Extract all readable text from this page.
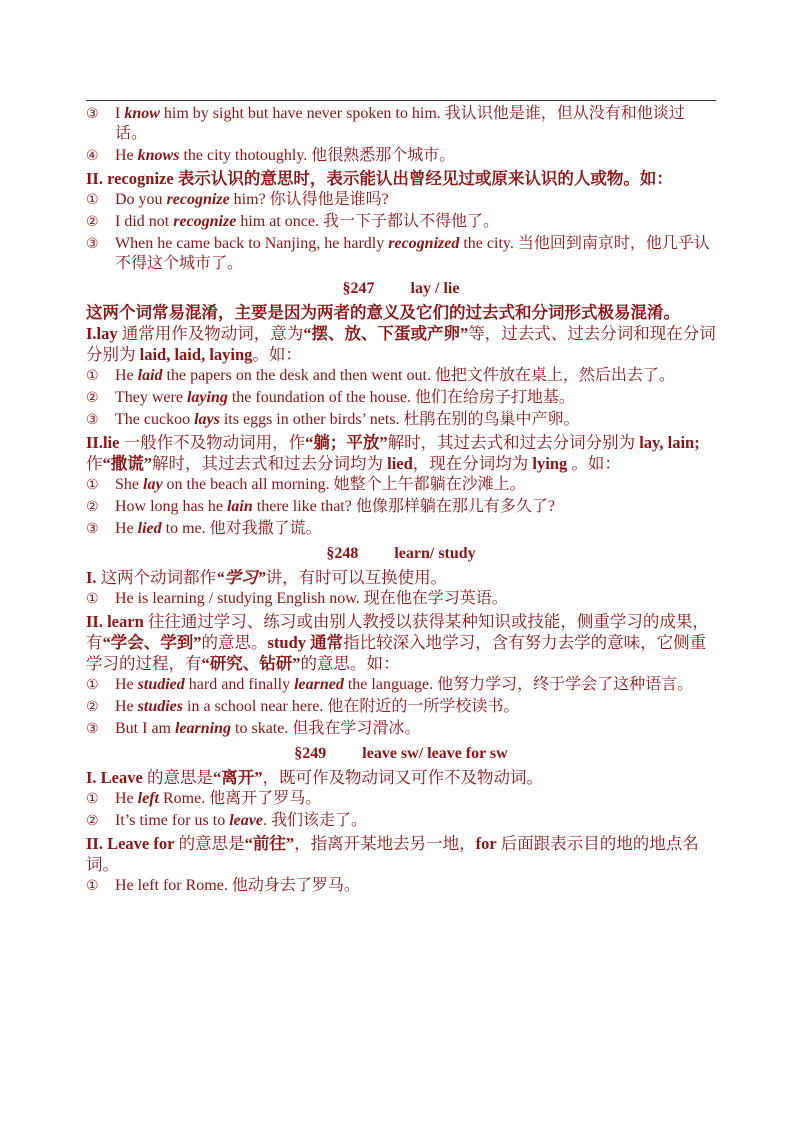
③ I know him by sight but have never spoken to him. 我认识他是谁，但从没有和他谈过话。
④ He knows the city thotoughly. 他很熟悉那个城市。
II. recognize 表示认识的意思时，表示能认出曾经见过或原来认识的人或物。如：
① Do you recognize him? 你认得他是谁吗?
② I did not recognize him at once. 我一下子都认不得他了。
③ When he came back to Nanjing, he hardly recognized the city. 当他回到南京时，他几乎认不得这个城市了。
§247 lay / lie
这两个词常易混淆，主要是因为两者的意义及它们的过去式和分词形式极易混淆。
I.lay 通常用作及物动词，意为“摆、放、下蛋或产卵”等，过去式、过去分词和现在分词分别为 laid, laid, laying。如：
① He laid the papers on the desk and then went out. 他把文件放在桌上，然后出去了。
② They were laying the foundation of the house. 他们在给房子打地基。
③ The cuckoo lays its eggs in other birds’ nets. 杜鹃在别的鸟巢中产卵。
II.lie 一般作不及物动词用，作“躺；平放”解时，其过去式和过去分词分别为 lay, lain;作“撒谎”解时，其过去式和过去分词均为 lied，现在分词均为 lying 。如：
① She lay on the beach all morning. 她整个上午都躺在沙滩上。
② How long has he lain there like that? 他像那样躺在那儿有多久了?
③ He lied to me. 他对我撒了谎。
§248 learn/ study
I. 这两个动词都作“学习”讲，有时可以互换使用。
① He is learning / studying English now. 现在他在学习英语。
II. learn 往往通过学习、练习或由别人教授以获得某种知识或技能，侧重学习的成果，有“学会、学到”的意思。study 通常指比较深入地学习，含有努力去学的意味，它侧重学习的过程，有“研究、钻研”的意思。如：
① He studied hard and finally learned the language. 他努力学习，终于学会了这种语言。
② He studies in a school near here. 他在附近的一所学校读书。
③ But I am learning to skate. 但我在学习滑冰。
§249 leave sw/ leave for sw
I. Leave 的意思是“离开”，既可作及物动词又可作不及物动词。
① He left Rome. 他离开了罗马。
② It’s time for us to leave. 我们该走了。
II. Leave for 的意思是“前往”，指离开某地去另一地，for 后面跟表示目的地的地点名词。
① He left for Rome. 他动身去了罗马。
